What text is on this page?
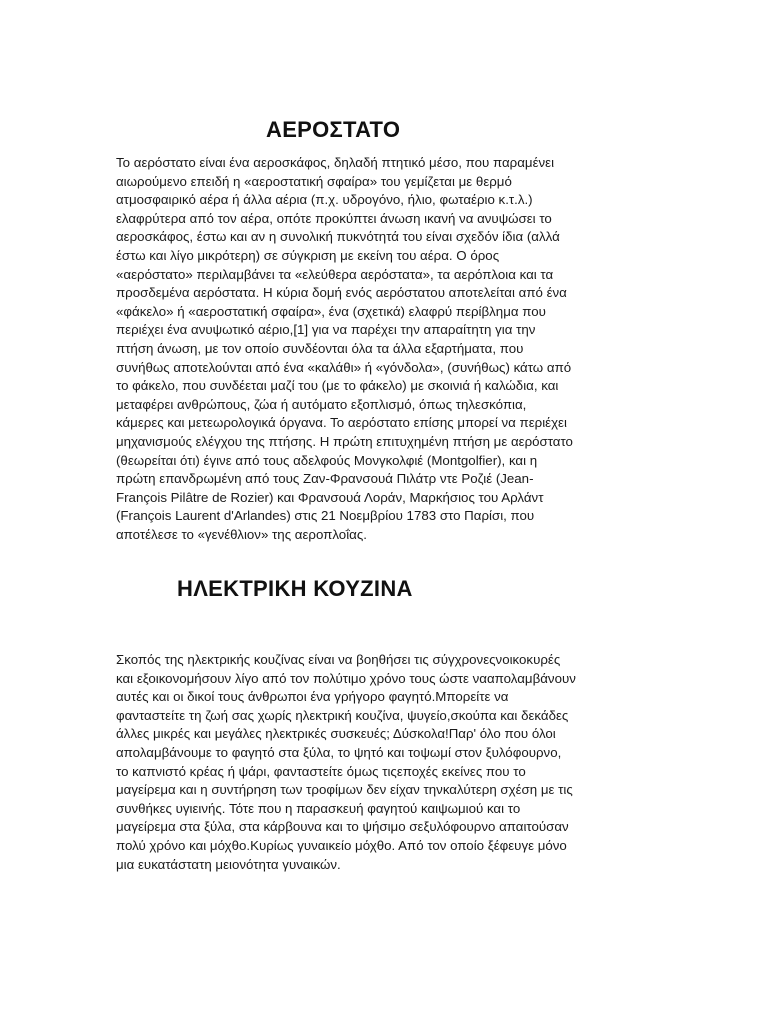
ΑΕΡΟΣΤΑΤΟ
Το αερόστατο είναι ένα αεροσκάφος, δηλαδή πτητικό μέσο, που παραμένει
αιωρούμενο επειδή η «αεροστατική σφαίρα» του γεμίζεται με θερμό
ατμοσφαιρικό αέρα ή άλλα αέρια (π.χ. υδρογόνο, ήλιο, φωταέριο κ.τ.λ.)
ελαφρύτερα από τον αέρα, οπότε προκύπτει άνωση ικανή να ανυψώσει το
αεροσκάφος, έστω και αν η συνολική πυκνότητά του είναι σχεδόν ίδια (αλλά
έστω και λίγο μικρότερη) σε σύγκριση με εκείνη του αέρα. Ο όρος
«αερόστατο» περιλαμβάνει τα «ελεύθερα αερόστατα», τα αερόπλοια και τα
προσδεμένα αερόστατα. Η κύρια δομή ενός αερόστατου αποτελείται από ένα
«φάκελο» ή «αεροστατική σφαίρα», ένα (σχετικά) ελαφρύ περίβλημα που
περιέχει ένα ανυψωτικό αέριο,[1] για να παρέχει την απαραίτητη για την
πτήση άνωση, με τον οποίο συνδέονται όλα τα άλλα εξαρτήματα, που
συνήθως αποτελούνται από ένα «καλάθι» ή «γόνδολα», (συνήθως) κάτω από
το φάκελο, που συνδέεται μαζί του (με το φάκελο) με σκοινιά ή καλώδια, και
μεταφέρει ανθρώπους, ζώα ή αυτόματο εξοπλισμό, όπως τηλεσκόπια,
κάμερες και μετεωρολογικά όργανα. Το αερόστατο επίσης μπορεί να περιέχει
μηχανισμούς ελέγχου της πτήσης. Η πρώτη επιτυχημένη πτήση με αερόστατο
(θεωρείται ότι) έγινε από τους αδελφούς Μονγκολφιέ (Montgolfier), και η
πρώτη επανδρωμένη από τους Ζαν-Φρανσουά Πιλάτρ ντε Ροζιέ (Jean-
François Pilâtre de Rozier) και Φρανσουά Λοράν, Μαρκήσιος του Αρλάντ
(François Laurent d'Arlandes) στις 21 Νοεμβρίου 1783 στο Παρίσι, που
αποτέλεσε το «γενέθλιον» της αεροπλοΐας.
ΗΛΕΚΤΡΙΚΗ ΚΟΥΖΙΝΑ
Σκοπός της ηλεκτρικής κουζίνας είναι να βοηθήσει τις σύγχρονεςνοικοκυρές
και εξοικονομήσουν λίγο από τον πολύτιμο χρόνο τους ώστε νααπολαμβάνουν
αυτές και οι δικοί τους άνθρωποι ένα γρήγορο φαγητό.Μπορείτε να
φανταστείτε τη ζωή σας χωρίς ηλεκτρική κουζίνα, ψυγείο,σκούπα και δεκάδες
άλλες μικρές και μεγάλες ηλεκτρικές συσκευές; Δύσκολα!Παρ' όλο που όλοι
απολαμβάνουμε το φαγητό στα ξύλα, το ψητό και τοψωμί στον ξυλόφουρνο,
το καπνιστό κρέας ή ψάρι, φανταστείτε όμως τιςεποχές εκείνες που το
μαγείρεμα και η συντήρηση των τροφίμων δεν είχαν τηνκαλύτερη σχέση με τις
συνθήκες υγιεινής. Τότε που η παρασκευή φαγητού καιψωμιού και το
μαγείρεμα στα ξύλα, στα κάρβουνα και το ψήσιμο σεξυλόφουρνο απαιτούσαν
πολύ χρόνο και μόχθο.Κυρίως γυναικείο μόχθο. Από τον οποίο ξέφευγε μόνο
μια ευκατάστατη μειονότητα γυναικών.
